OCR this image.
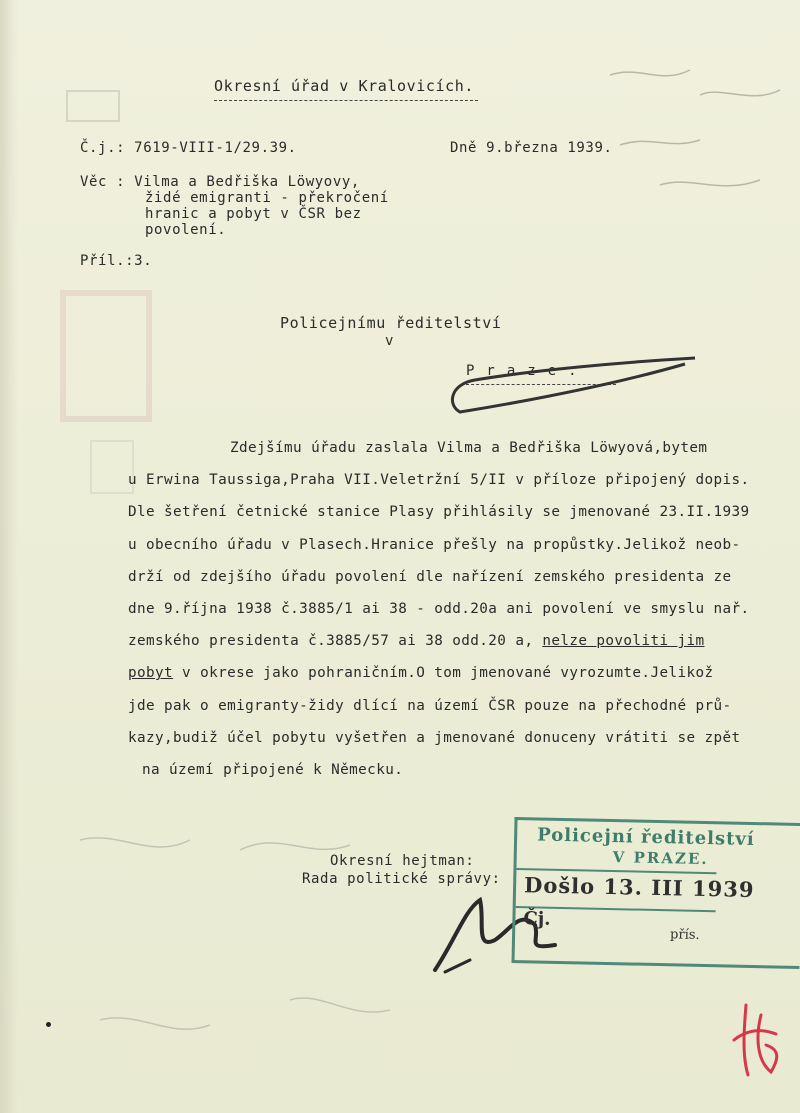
Okresní úřad v Kralovicích.
Č.j.: 7619-VIII-1/29.39.	Dně 9.března 1939.
Věc : Vilma a Bedřiška Löwyovy,
židé emigranti - překročení
hranic a pobyt v ČSR bez
povolení.
Příl.:3.
Policejnímu ředitelství
v
Praze.

Zdejšímu úřadu zaslala Vilma a Bedřiška Löwyová,bytem

u Erwina Taussiga,Praha VII.Veletržní 5/II v příloze připojený dopis.

Dle šetření četnické stanice Plasy přihlásily se jmenované 23.II.1939

u obecního úřadu v Plasech.Hranice přešly na propůstky.Jelikož neob-

drží od zdejšího úřadu povolení dle nařízení zemského presidenta ze

dne 9.října 1938 č.3885/1 ai 38 - odd.20a ani povolení ve smyslu nař.

zemského presidenta č.3885/57 ai 38 odd.20 a, nelze povoliti jim

pobyt v okrese jako pohraničním.O tom jmenované vyrozumte.Jelikož

jde pak o emigranty-židy dlící na území ČSR pouze na přechodné prů-

kazy,budiž účel pobytu vyšetřen a jmenované donuceny vrátiti se zpět

na území připojené k Německu.

Okresní hejtman:
Rada politické správy:
Policejní ředitelství
V PRAZE.
Došlo 13. III 1939
Čj.
přís.
